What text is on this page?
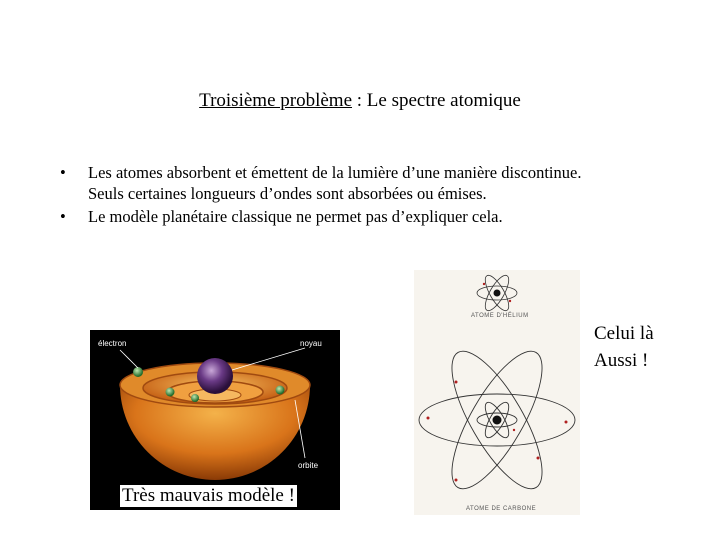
Troisième problème : Le spectre atomique
• Les atomes absorbent et émettent de la lumière d’une manière discontinue. Seuls certaines longueurs d’ondes sont absorbées ou émises.
• Le modèle planétaire classique ne permet pas d’expliquer cela.
électron	noyau
orbite
Très mauvais modèle !
ATOME D'HÉLIUM
ATOME DE CARBONE
Celui là
Aussi !
